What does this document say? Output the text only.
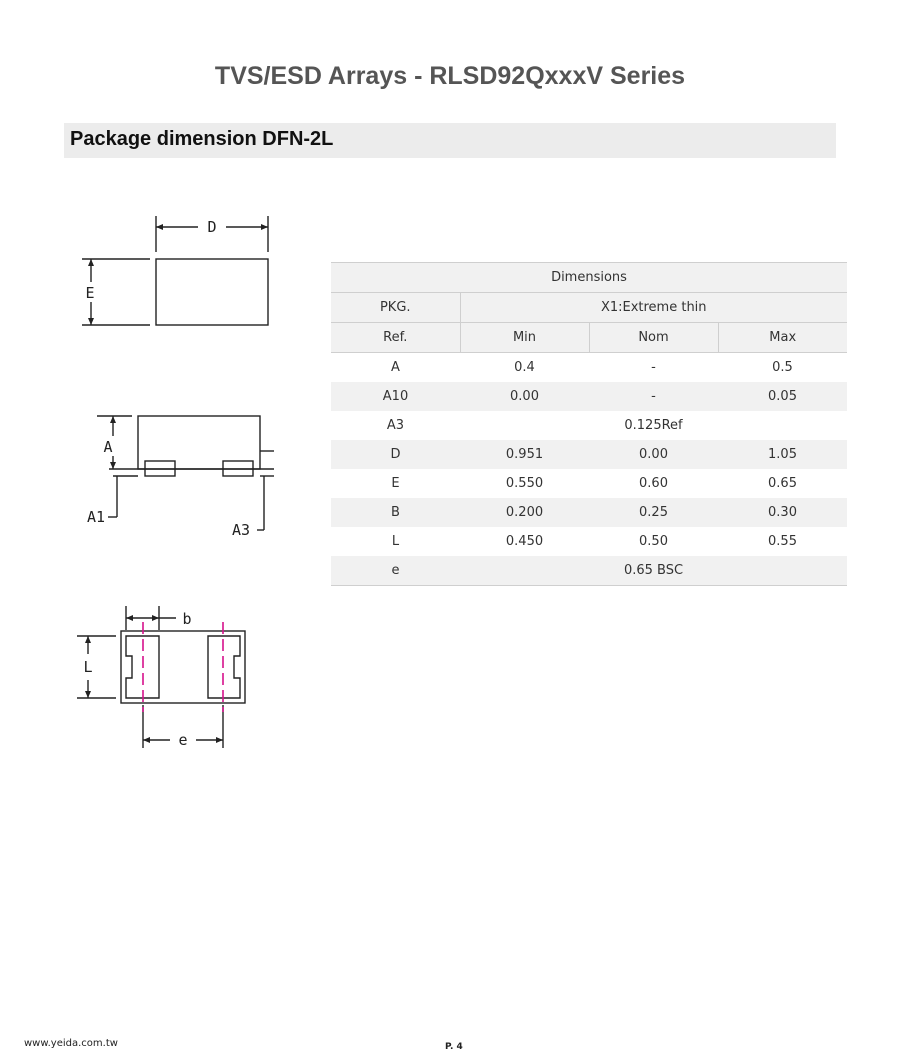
TVS/ESD Arrays - RLSD92QxxxV Series
Package dimension DFN-2L
D
E
A
A1
A3
b
L
e
Dimensions			
PKG.	X1:Extreme thin		
Ref.	Min	Nom	Max
A	0.4	-	0.5
A10	0.00	-	0.05
A3	0.125Ref		
D	0.951	0.00	1.05
E	0.550	0.60	0.65
B	0.200	0.25	0.30
L	0.450	0.50	0.55
e	0.65 BSC		
www.yeida.com.tw	P. 4
